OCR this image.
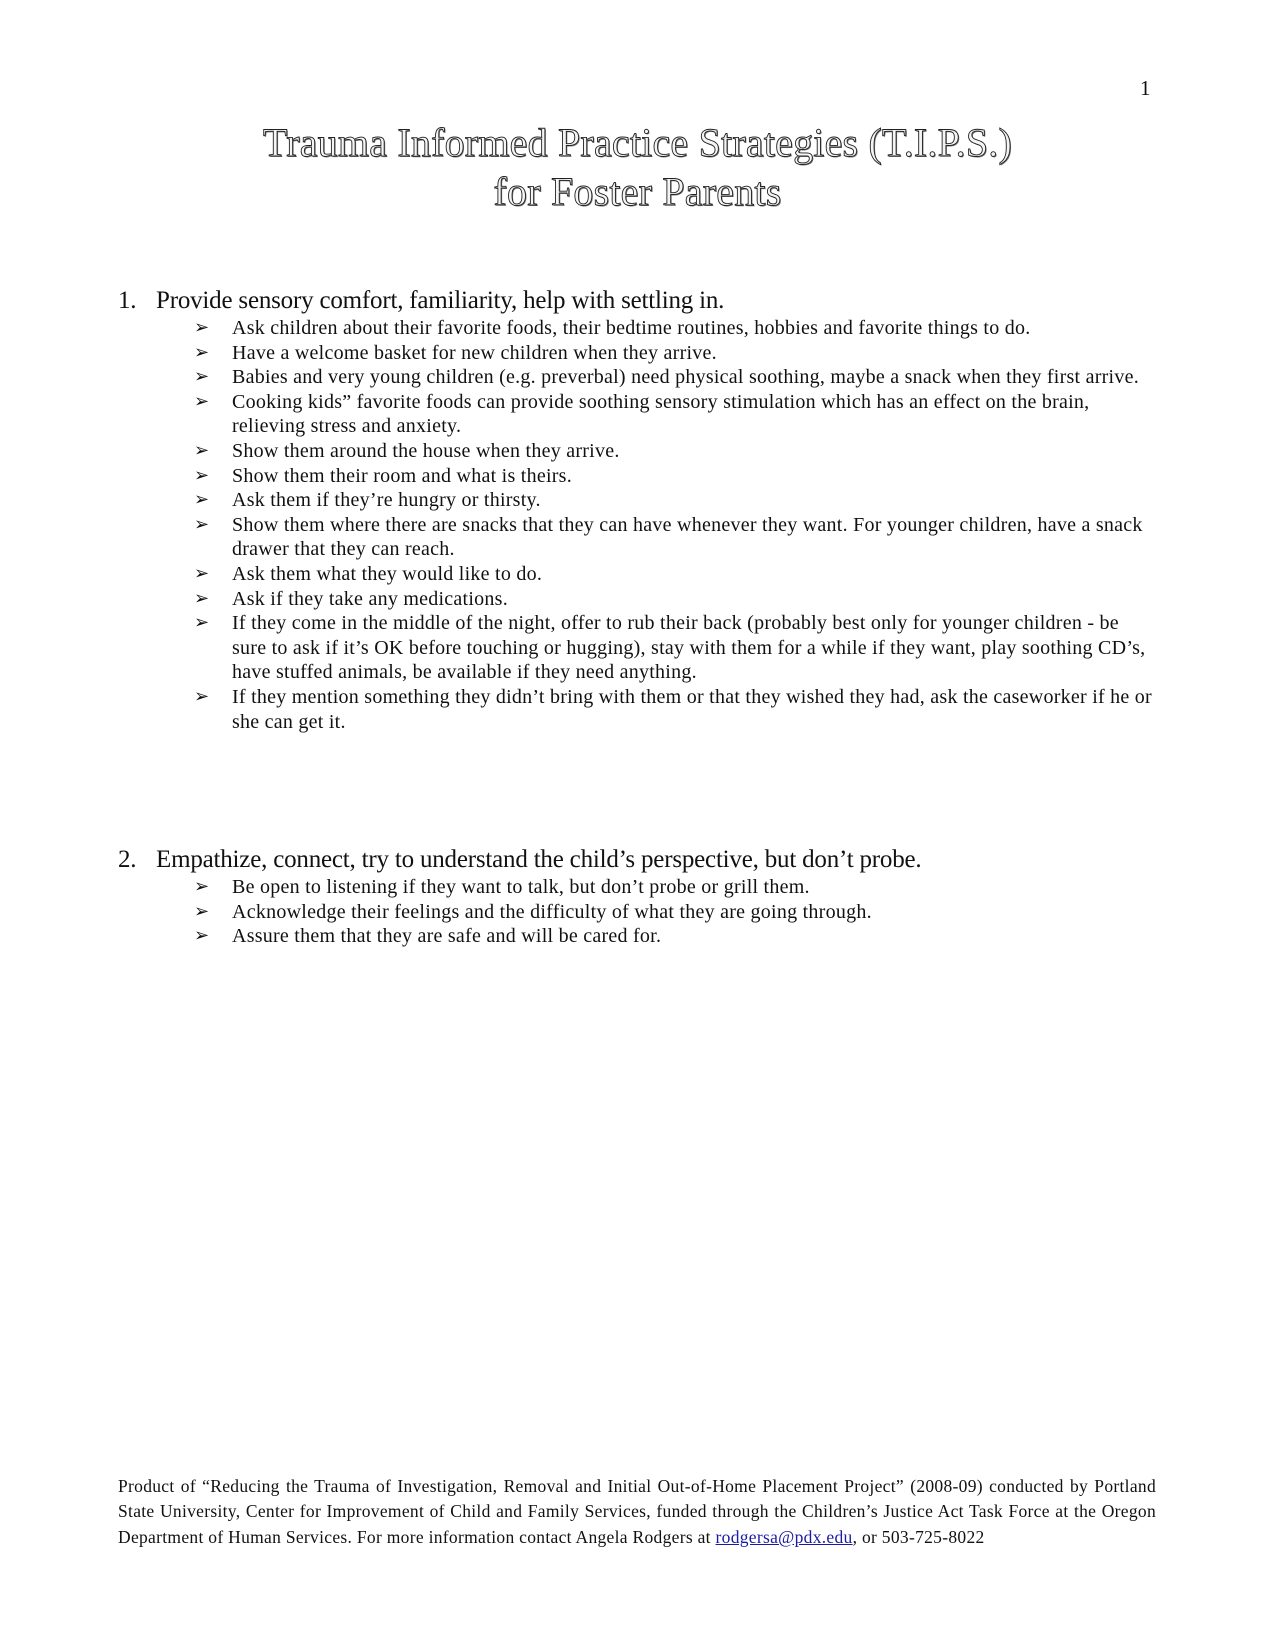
1
Trauma Informed Practice Strategies (T.I.P.S.)
for Foster Parents
1. Provide sensory comfort, familiarity, help with settling in.
➢ Ask children about their favorite foods, their bedtime routines, hobbies and favorite things to do.
➢ Have a welcome basket for new children when they arrive.
➢ Babies and very young children (e.g. preverbal) need physical soothing, maybe a snack when they first arrive.
➢ Cooking kids” favorite foods can provide soothing sensory stimulation which has an effect on the brain, relieving stress and anxiety.
➢ Show them around the house when they arrive.
➢ Show them their room and what is theirs.
➢ Ask them if they’re hungry or thirsty.
➢ Show them where there are snacks that they can have whenever they want. For younger children, have a snack drawer that they can reach.
➢ Ask them what they would like to do.
➢ Ask if they take any medications.
➢ If they come in the middle of the night, offer to rub their back (probably best only for younger children - be sure to ask if it’s OK before touching or hugging), stay with them for a while if they want, play soothing CD’s, have stuffed animals, be available if they need anything.
➢ If they mention something they didn’t bring with them or that they wished they had, ask the caseworker if he or she can get it.
2. Empathize, connect, try to understand the child’s perspective, but don’t probe.
➢ Be open to listening if they want to talk, but don’t probe or grill them.
➢ Acknowledge their feelings and the difficulty of what they are going through.
➢ Assure them that they are safe and will be cared for.
Product of “Reducing the Trauma of Investigation, Removal and Initial Out-of-Home Placement Project” (2008-09) conducted by Portland State University, Center for Improvement of Child and Family Services, funded through the Children’s Justice Act Task Force at the Oregon Department of Human Services. For more information contact Angela Rodgers at rodgersa@pdx.edu, or 503-725-8022
